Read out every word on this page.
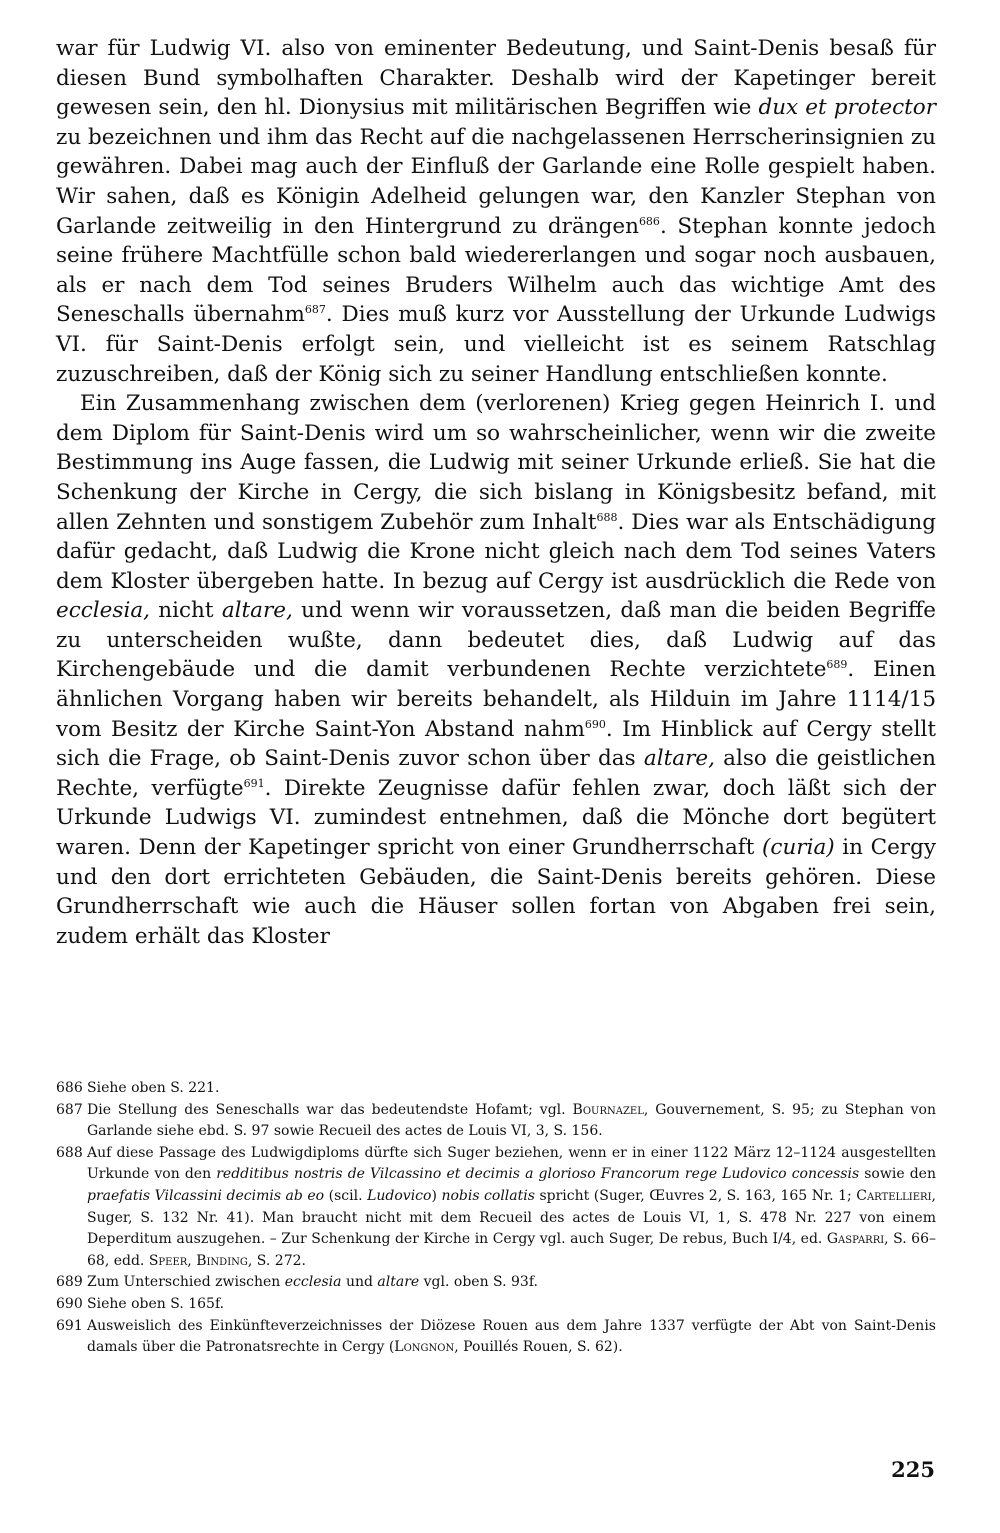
war für Ludwig VI. also von eminenter Bedeutung, und Saint-Denis besaß für diesen Bund symbolhaften Charakter. Deshalb wird der Kapetinger bereit gewesen sein, den hl. Dionysius mit militärischen Begriffen wie dux et protector zu bezeichnen und ihm das Recht auf die nachgelassenen Herrscherinsignien zu gewähren. Dabei mag auch der Einfluß der Garlande eine Rolle gespielt haben. Wir sahen, daß es Königin Adelheid gelungen war, den Kanzler Stephan von Garlande zeitweilig in den Hintergrund zu drängen$^{686}$. Stephan konnte jedoch seine frühere Machtfülle schon bald wiedererlangen und sogar noch ausbauen, als er nach dem Tod seines Bruders Wilhelm auch das wichtige Amt des Seneschalls übernahm$^{687}$. Dies muß kurz vor Ausstellung der Urkunde Ludwigs VI. für Saint-Denis erfolgt sein, und vielleicht ist es seinem Ratschlag zuzuschreiben, daß der König sich zu seiner Handlung entschließen konnte.

Ein Zusammenhang zwischen dem (verlorenen) Krieg gegen Heinrich I. und dem Diplom für Saint-Denis wird um so wahrscheinlicher, wenn wir die zweite Bestimmung ins Auge fassen, die Ludwig mit seiner Urkunde erließ. Sie hat die Schenkung der Kirche in Cergy, die sich bislang in Königsbesitz befand, mit allen Zehnten und sonstigem Zubehör zum Inhalt$^{688}$. Dies war als Entschädigung dafür gedacht, daß Ludwig die Krone nicht gleich nach dem Tod seines Vaters dem Kloster übergeben hatte. In bezug auf Cergy ist ausdrücklich die Rede von ecclesia, nicht altare, und wenn wir voraussetzen, daß man die beiden Begriffe zu unterscheiden wußte, dann bedeutet dies, daß Ludwig auf das Kirchengebäude und die damit verbundenen Rechte verzichtete$^{689}$. Einen ähnlichen Vorgang haben wir bereits behandelt, als Hilduin im Jahre 1114/15 vom Besitz der Kirche Saint-Yon Abstand nahm$^{690}$. Im Hinblick auf Cergy stellt sich die Frage, ob Saint-Denis zuvor schon über das altare, also die geistlichen Rechte, verfügte$^{691}$. Direkte Zeugnisse dafür fehlen zwar, doch läßt sich der Urkunde Ludwigs VI. zumindest entnehmen, daß die Mönche dort begütert waren. Denn der Kapetinger spricht von einer Grundherrschaft (curia) in Cergy und den dort errichteten Gebäuden, die Saint-Denis bereits gehören. Diese Grundherrschaft wie auch die Häuser sollen fortan von Abgaben frei sein, zudem erhält das Kloster

686 Siehe oben S. 221.
687 Die Stellung des Seneschalls war das bedeutendste Hofamt; vgl. Bournazel, Gouvernement, S. 95; zu Stephan von Garlande siehe ebd. S. 97 sowie Recueil des actes de Louis VI, 3, S. 156.
688 Auf diese Passage des Ludwigdiploms dürfte sich Suger beziehen, wenn er in einer 1122 März 12–1124 ausgestellten Urkunde von den redditibus nostris de Vilcassino et decimis a glorioso Francorum rege Ludovico concessis sowie den praefatis Vilcassini decimis ab eo (scil. Ludovico) nobis collatis spricht (Suger, Œuvres 2, S. 163, 165 Nr. 1; Cartellieri, Suger, S. 132 Nr. 41). Man braucht nicht mit dem Recueil des actes de Louis VI, 1, S. 478 Nr. 227 von einem Deperditum auszugehen. – Zur Schenkung der Kirche in Cergy vgl. auch Suger, De rebus, Buch I/4, ed. Gasparri, S. 66–68, edd. Speer, Binding, S. 272.
689 Zum Unterschied zwischen ecclesia und altare vgl. oben S. 93f.
690 Siehe oben S. 165f.
691 Ausweislich des Einkünfteverzeichnisses der Diözese Rouen aus dem Jahre 1337 verfügte der Abt von Saint-Denis damals über die Patronatsrechte in Cergy (Longnon, Pouillés Rouen, S. 62).
225
